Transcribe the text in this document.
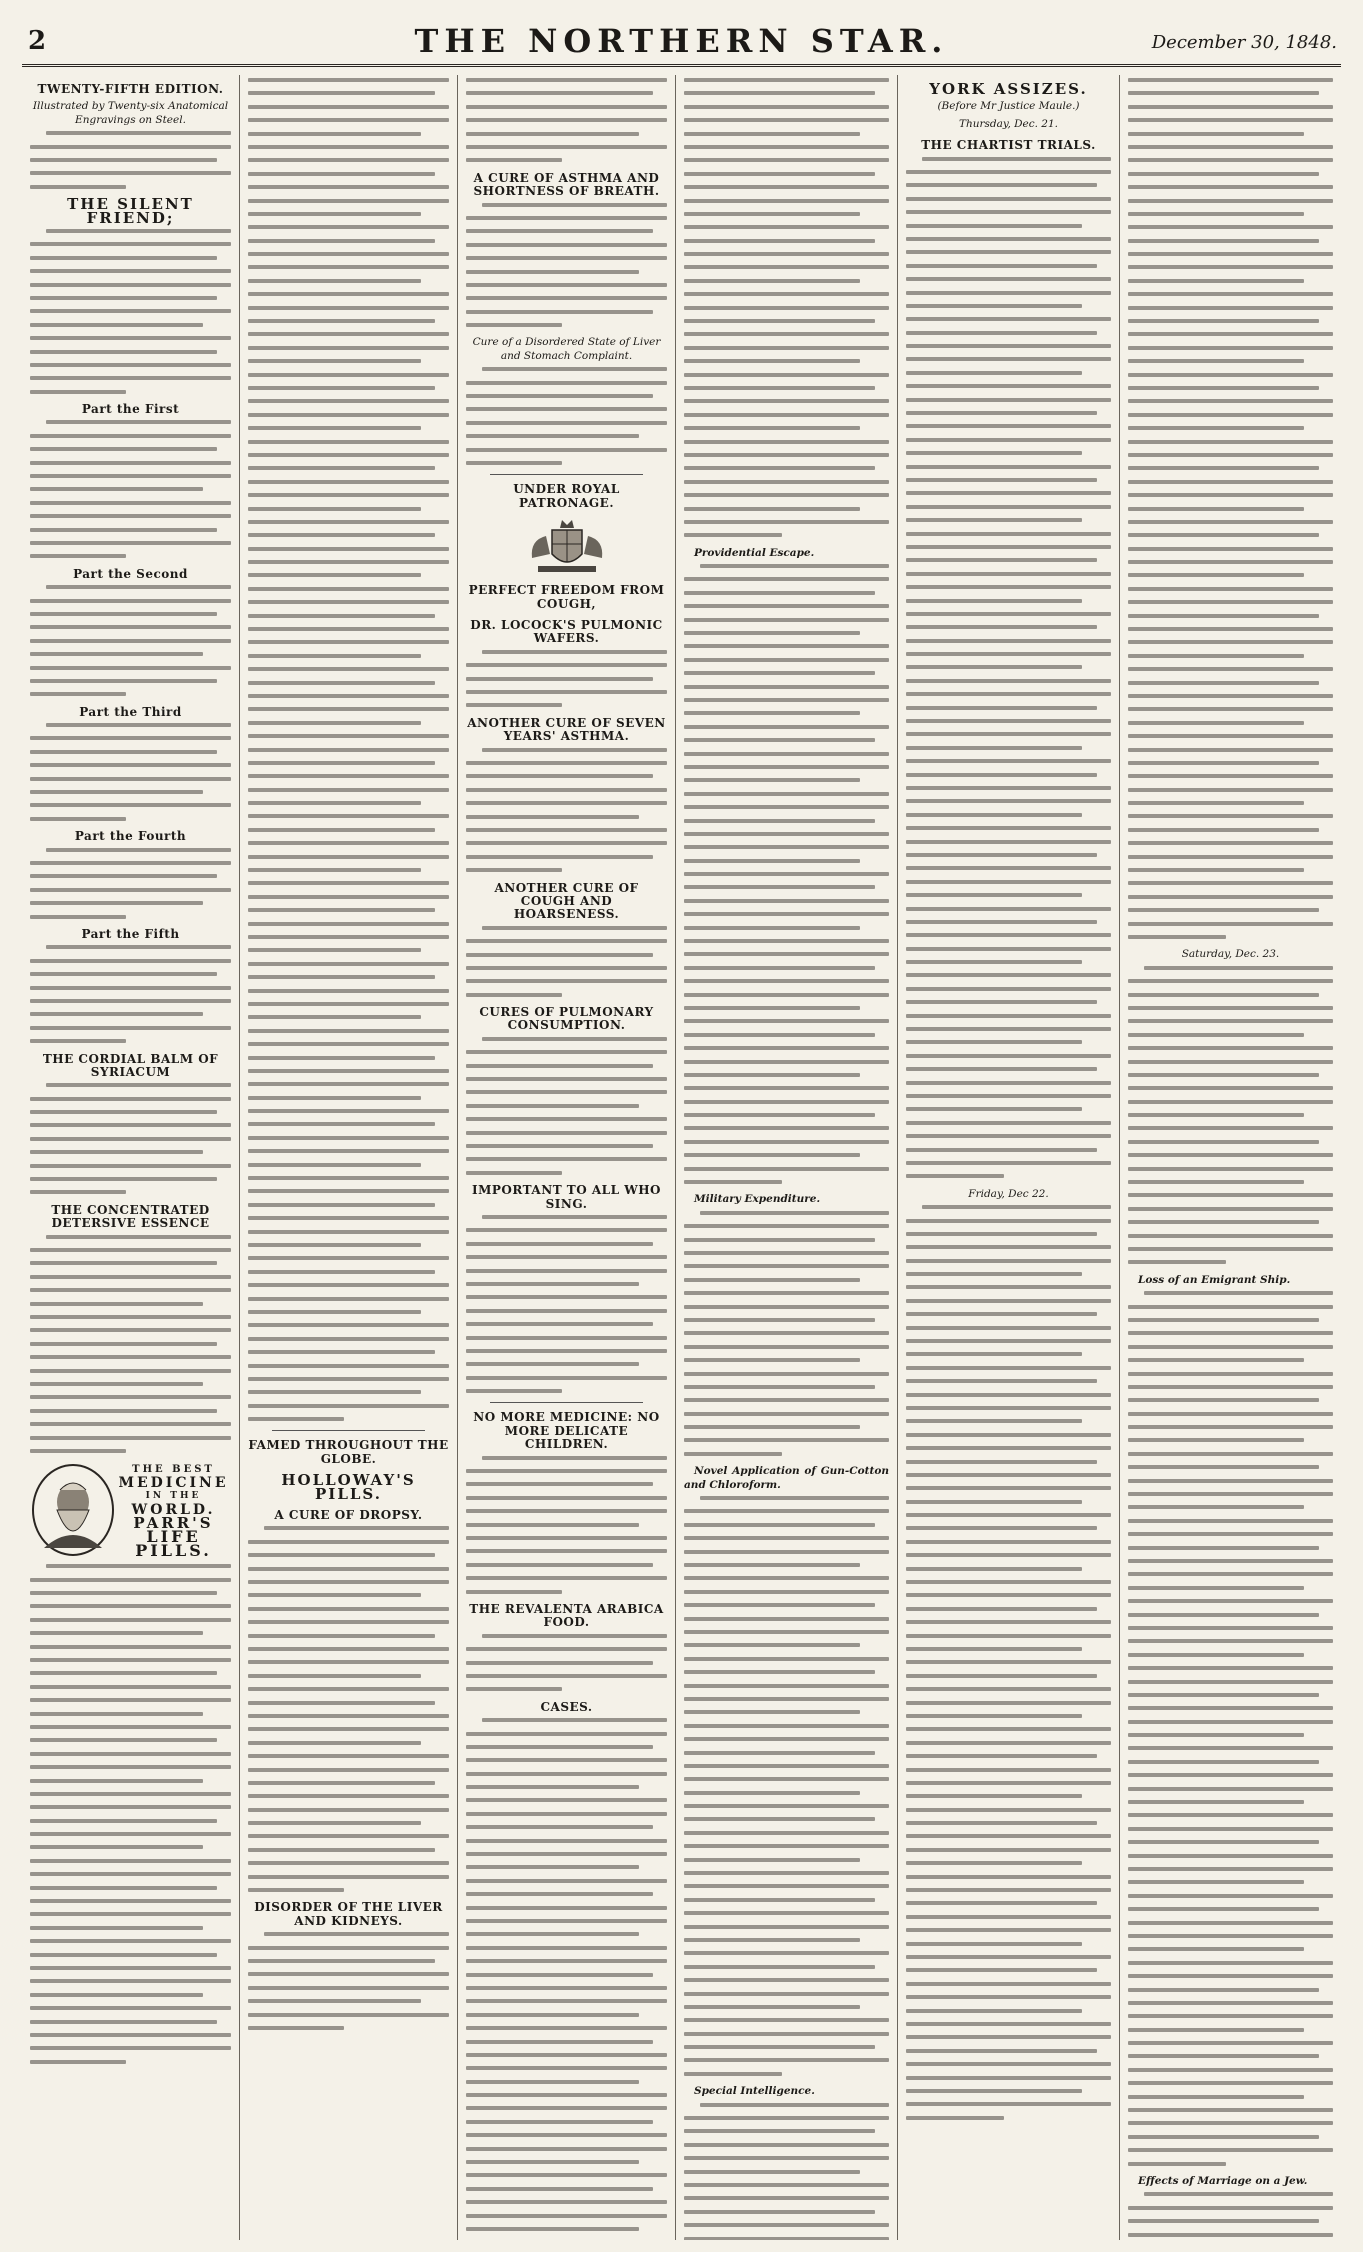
2	THE NORTHERN STAR.	December 30, 1848.
TWENTY-FIFTH EDITION.
Illustrated by Twenty-six Anatomical Engravings on Steel.
THE SILENT FRIEND;
Part the First
Part the Second
Part the Third
Part the Fourth
Part the Fifth
THE CORDIAL BALM OF SYRIACUM
THE CONCENTRATED DETERSIVE ESSENCE
THE BEST
MEDICINE
IN THE
WORLD.
PARR'S
LIFE
PILLS.
FAMED THROUGHOUT THE GLOBE.
HOLLOWAY'S PILLS.
A CURE OF DROPSY.
DISORDER OF THE LIVER AND KIDNEYS.
A CURE OF ASTHMA AND SHORTNESS OF BREATH.
Cure of a Disordered State of Liver and Stomach Complaint.
UNDER ROYAL PATRONAGE.
PERFECT FREEDOM FROM COUGH,
DR. LOCOCK'S PULMONIC WAFERS.
ANOTHER CURE OF SEVEN YEARS' ASTHMA.
ANOTHER CURE OF COUGH AND HOARSENESS.
CURES OF PULMONARY CONSUMPTION.
IMPORTANT TO ALL WHO SING.
NO MORE MEDICINE: NO MORE DELICATE CHILDREN.
THE REVALENTA ARABICA FOOD.
CASES.
Providential Escape.
Military Expenditure.
Novel Application of Gun-Cotton and Chloroform.
Special Intelligence.
YORK ASSIZES.
(Before Mr Justice Maule.)
Thursday, Dec. 21.
THE CHARTIST TRIALS.
Friday, Dec 22.
Saturday, Dec. 23.
Loss of an Emigrant Ship.
Effects of Marriage on a Jew.
